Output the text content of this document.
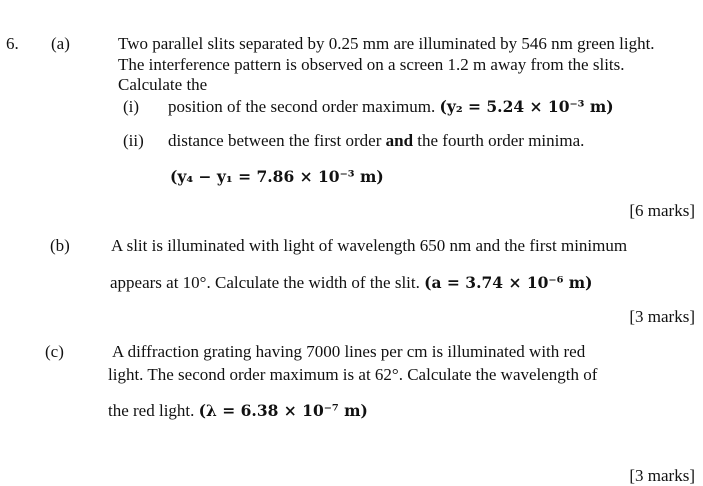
6. (a)	Two parallel slits separated by 0.25 mm are illuminated by 546 nm green light.
The interference pattern is observed on a screen 1.2 m away from the slits.
Calculate the
(i) position of the second order maximum. (y₂ = 5.24 × 10⁻³ m)
(ii) distance between the first order and the fourth order minima.
(y₄ − y₁ = 7.86 × 10⁻³ m)
[6 marks]
(b) A slit is illuminated with light of wavelength 650 nm and the first minimum
appears at 10°. Calculate the width of the slit. (a = 3.74 × 10⁻⁶ m)
[3 marks]
(c)	A diffraction grating having 7000 lines per cm is illuminated with red
light. The second order maximum is at 62°. Calculate the wavelength of
the red light. (λ = 6.38 × 10⁻⁷ m)
[3 marks]
